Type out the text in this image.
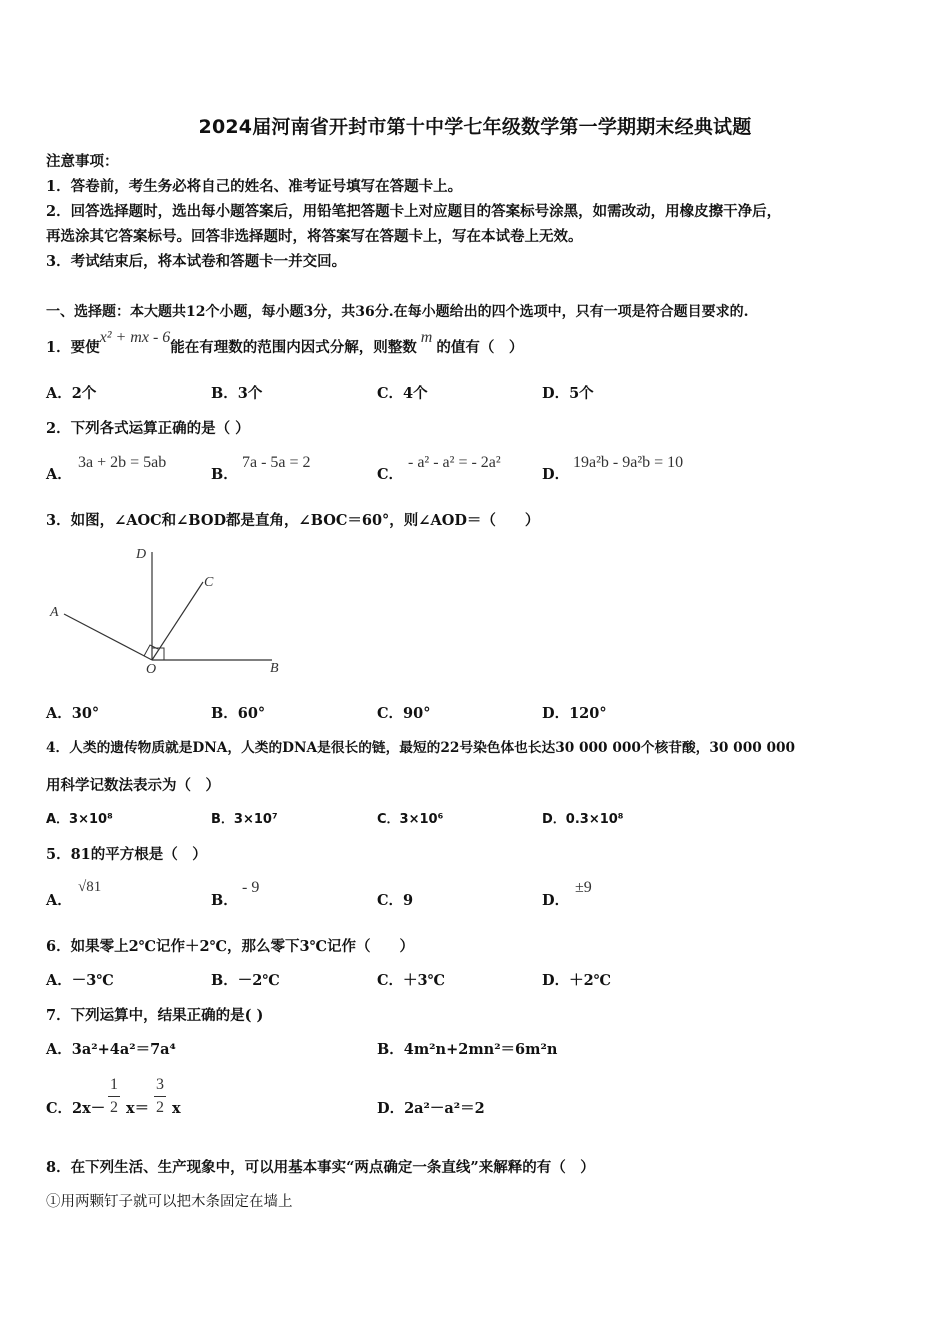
2024届河南省开封市第十中学七年级数学第一学期期末经典试题
注意事项：
1．答卷前，考生务必将自己的姓名、准考证号填写在答题卡上。
2．回答选择题时，选出每小题答案后，用铅笔把答题卡上对应题目的答案标号涂黑，如需改动，用橡皮擦干净后，
再选涂其它答案标号。回答非选择题时，将答案写在答题卡上，写在本试卷上无效。
3．考试结束后，将本试卷和答题卡一并交回。
一、选择题：本大题共12个小题，每小题3分，共36分.在每小题给出的四个选项中，只有一项是符合题目要求的.
1．要使x² + mx - 6能在有理数的范围内因式分解，则整数m的值有（　）
A．2个	B．3个	C．4个	D．5个
2．下列各式运算正确的是（ ）
A．
3a + 2b = 5ab
B．
7a - 5a = 2
C．
- a² - a² = - 2a²
D．
19a²b - 9a²b = 10
3．如图，∠AOC和∠BOD都是直角，∠BOC＝60°，则∠AOD＝（　　）
D
C
A
O	B
A．30°	B．60°	C．90°	D．120°
4．人类的遗传物质就是DNA，人类的DNA是很长的链，最短的22号染色体也长达30 000 000个核苷酸，30 000 000
用科学记数法表示为（　）
A．3×10⁸	B．3×10⁷	C．3×10⁶	D．0.3×10⁸
5．81的平方根是（　）
A．
√81
B．
- 9
C．9	D．
±9
6．如果零上2℃记作＋2℃，那么零下3℃记作（　　）
A．－3℃	B．－2℃	C．＋3℃	D．＋2℃
7．下列运算中，结果正确的是( )
A．3a²+4a²＝7a⁴	B．4m²n+2mn²＝6m²n
C．2x－
1
2 x＝
3
2 x	D．2a²－a²＝2
8．在下列生活、生产现象中，可以用基本事实“两点确定一条直线”来解释的有（　）
①用两颗钉子就可以把木条固定在墙上
